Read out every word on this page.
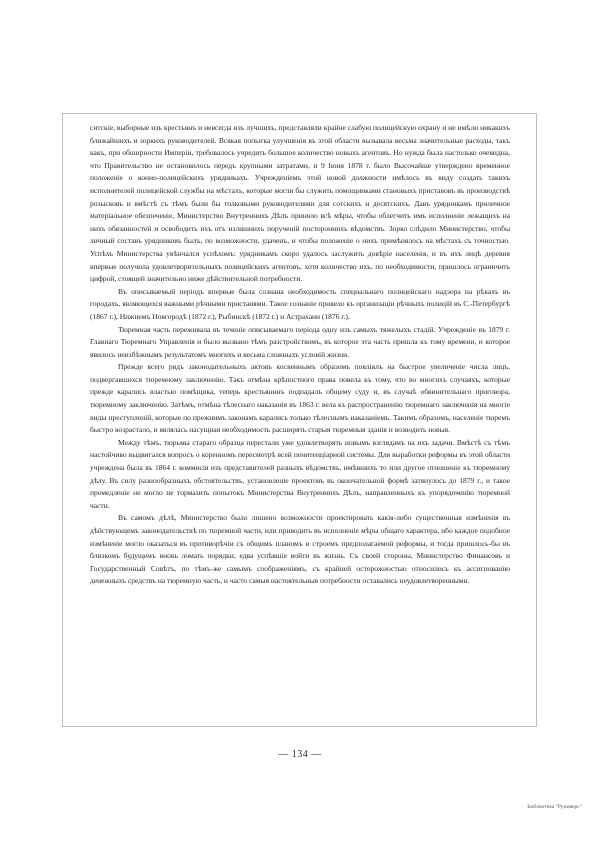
ситскіе, выборные изъ крестьянъ и невсегда изъ лучшихъ, представляли крайне слабую полицейскую охрану и не имѣли никакихъ ближайшихъ и зоркихъ руководителей. Всякая попытка улучшенія въ этой области вызывала весьма значительные расходы, такъ какъ, при обширности Имперіи, требовалось учредить большое количество новыхъ агентовъ. Но нужда была настолько очевидна, что Правительство не остановилось передъ крупными затратами, и 9 Іюня 1878 г. было Высочайше утверждено временное положеніе о конно-полицейскихъ урядникахъ. Учрежденіемъ этой новой должности имѣлось въ виду создать такихъ исполнителей полицейской службы на мѣстахъ, которые могли бы служить помощниками становыхъ приставовъ въ производствѣ розысковъ и вмѣстѣ съ тѣмъ были бы толковыми руководителями для сотскихъ и десятскихъ. Давъ урядникамъ приличное матеріальное обезпеченіе, Министерство Внутреннихъ Дѣлъ приняло всѣ мѣры, чтобы облегчить имъ исполненіе лежащихъ на нихъ обязанностей и освободить ихъ отъ излишнихъ порученій постороннихъ вѣдомствъ. Зорко слѣдило Министерство, чтобы личный составъ урядниковъ былъ, по возможности, удаченъ, и чтобы положеніе о нихъ примѣнялось на мѣстахъ съ точностью. Успѣхъ Министерства увѣнчался успѣхомъ: урядникамъ скоро удалось заслужить довѣріе населенія, и въ ихъ лицѣ деревня впервые получила удовлетворительныхъ полицейскихъ агентовъ, хотя количество ихъ, по необходимости, пришлось ограничить цифрой, стоящей значительно ниже дѣйствительной потребности.

Въ описываемый періодъ впервые была сознана необходимость специальнаго полицейскаго надзора на рѣкахъ въ городахъ, являющихся важными рѣчными пристанями. Такое сознаніе привело къ организаціи рѣчныхъ полицій въ С.-Петербургѣ (1867 г.), Нижнемъ Новгородѣ (1872 г.), Рыбинскѣ (1872 г.) и Астрахани (1876 г.).

Тюремная часть переживала въ теченіе описываемаго періода одну изъ самыхъ тяжелыхъ стадій. Учрежденіе въ 1879 г. Главнаго Тюремнаго Управленія и было вызвано тѣмъ разстройствомъ, въ которое эта часть пришла къ тому времени, и которое явилось неизбѣжнымъ результатомъ многихъ и весьма сложныхъ условій жизни.

Прежде всего рядъ законодательныхъ актовъ косвеннымъ образомъ повліялъ на быстрое увеличеніе числа лицъ, подвергавшихся тюремному заключенію. Такъ отмѣна крѣпостного права повела къ тому, что во многихъ случаяхъ, которые прежде карались властью помѣщика, теперь крестьянинъ подпадалъ общему суду и, въ случаѣ обвинительнаго приговора, тюремному заключенію. Затѣмъ, отмѣна тѣлеснаго наказанія въ 1863 г. вела къ распространенію тюремнаго заключенія на многіе виды преступленій, которые по прежнимъ законамъ карались только тѣлеснымъ наказаніемъ. Такимъ образомъ, населеніе тюремъ быстро возрастало, и являлась насущная необходимость расширять старыя тюремныя зданія и возводить новыя.

Между тѣмъ, тюрьмы стараго образца перестали уже удовлетворять новымъ взглядамъ на ихъ задачи. Вмѣстѣ съ тѣмъ настойчиво выдвигался вопросъ о коренномъ пересмотрѣ всей пенитенціарной системы. Для выработки реформы въ этой области учреждена была въ 1864 г. коммисія изъ представителей разныхъ вѣдомствъ, имѣвшихъ то или другое отношеніе къ тюремному дѣлу. Въ силу разнообразныхъ обстоятельствъ, установленіе проектовъ въ окончательной формѣ затянулось до 1879 г., и такое промедленіе не могло не тормазить попытокъ Министерства Внутреннихъ Дѣлъ, направленныхъ къ упорядоченію тюремной части.

Въ самомъ дѣлѣ, Министерство было лишено возможности проектировать какія-либо существенныя измѣненія въ дѣйствующемъ законодательствѣ по тюремной части, или приводить въ исполненіе мѣры общаго характера, ибо каждое подобное измѣненіе могло оказаться въ противорѣчіи съ общимъ планомъ и строемъ предполагаемой реформы, и тогда пришлось-бы въ близкомъ будущемъ вновь ломать порядки, едва успѣвшіе войти въ жизнь. Съ своей стороны, Министерство Финансовъ и Государственный Совѣтъ, по тѣмъ-же самымъ соображеніямъ, съ крайней осторожностью относились къ ассигнованію денежныхъ средствъ на тюремную часть, и часто самыя настоятельныя потребности оставались неудовлетворенными.

— 134 —
Библиотека "Руниверс"
